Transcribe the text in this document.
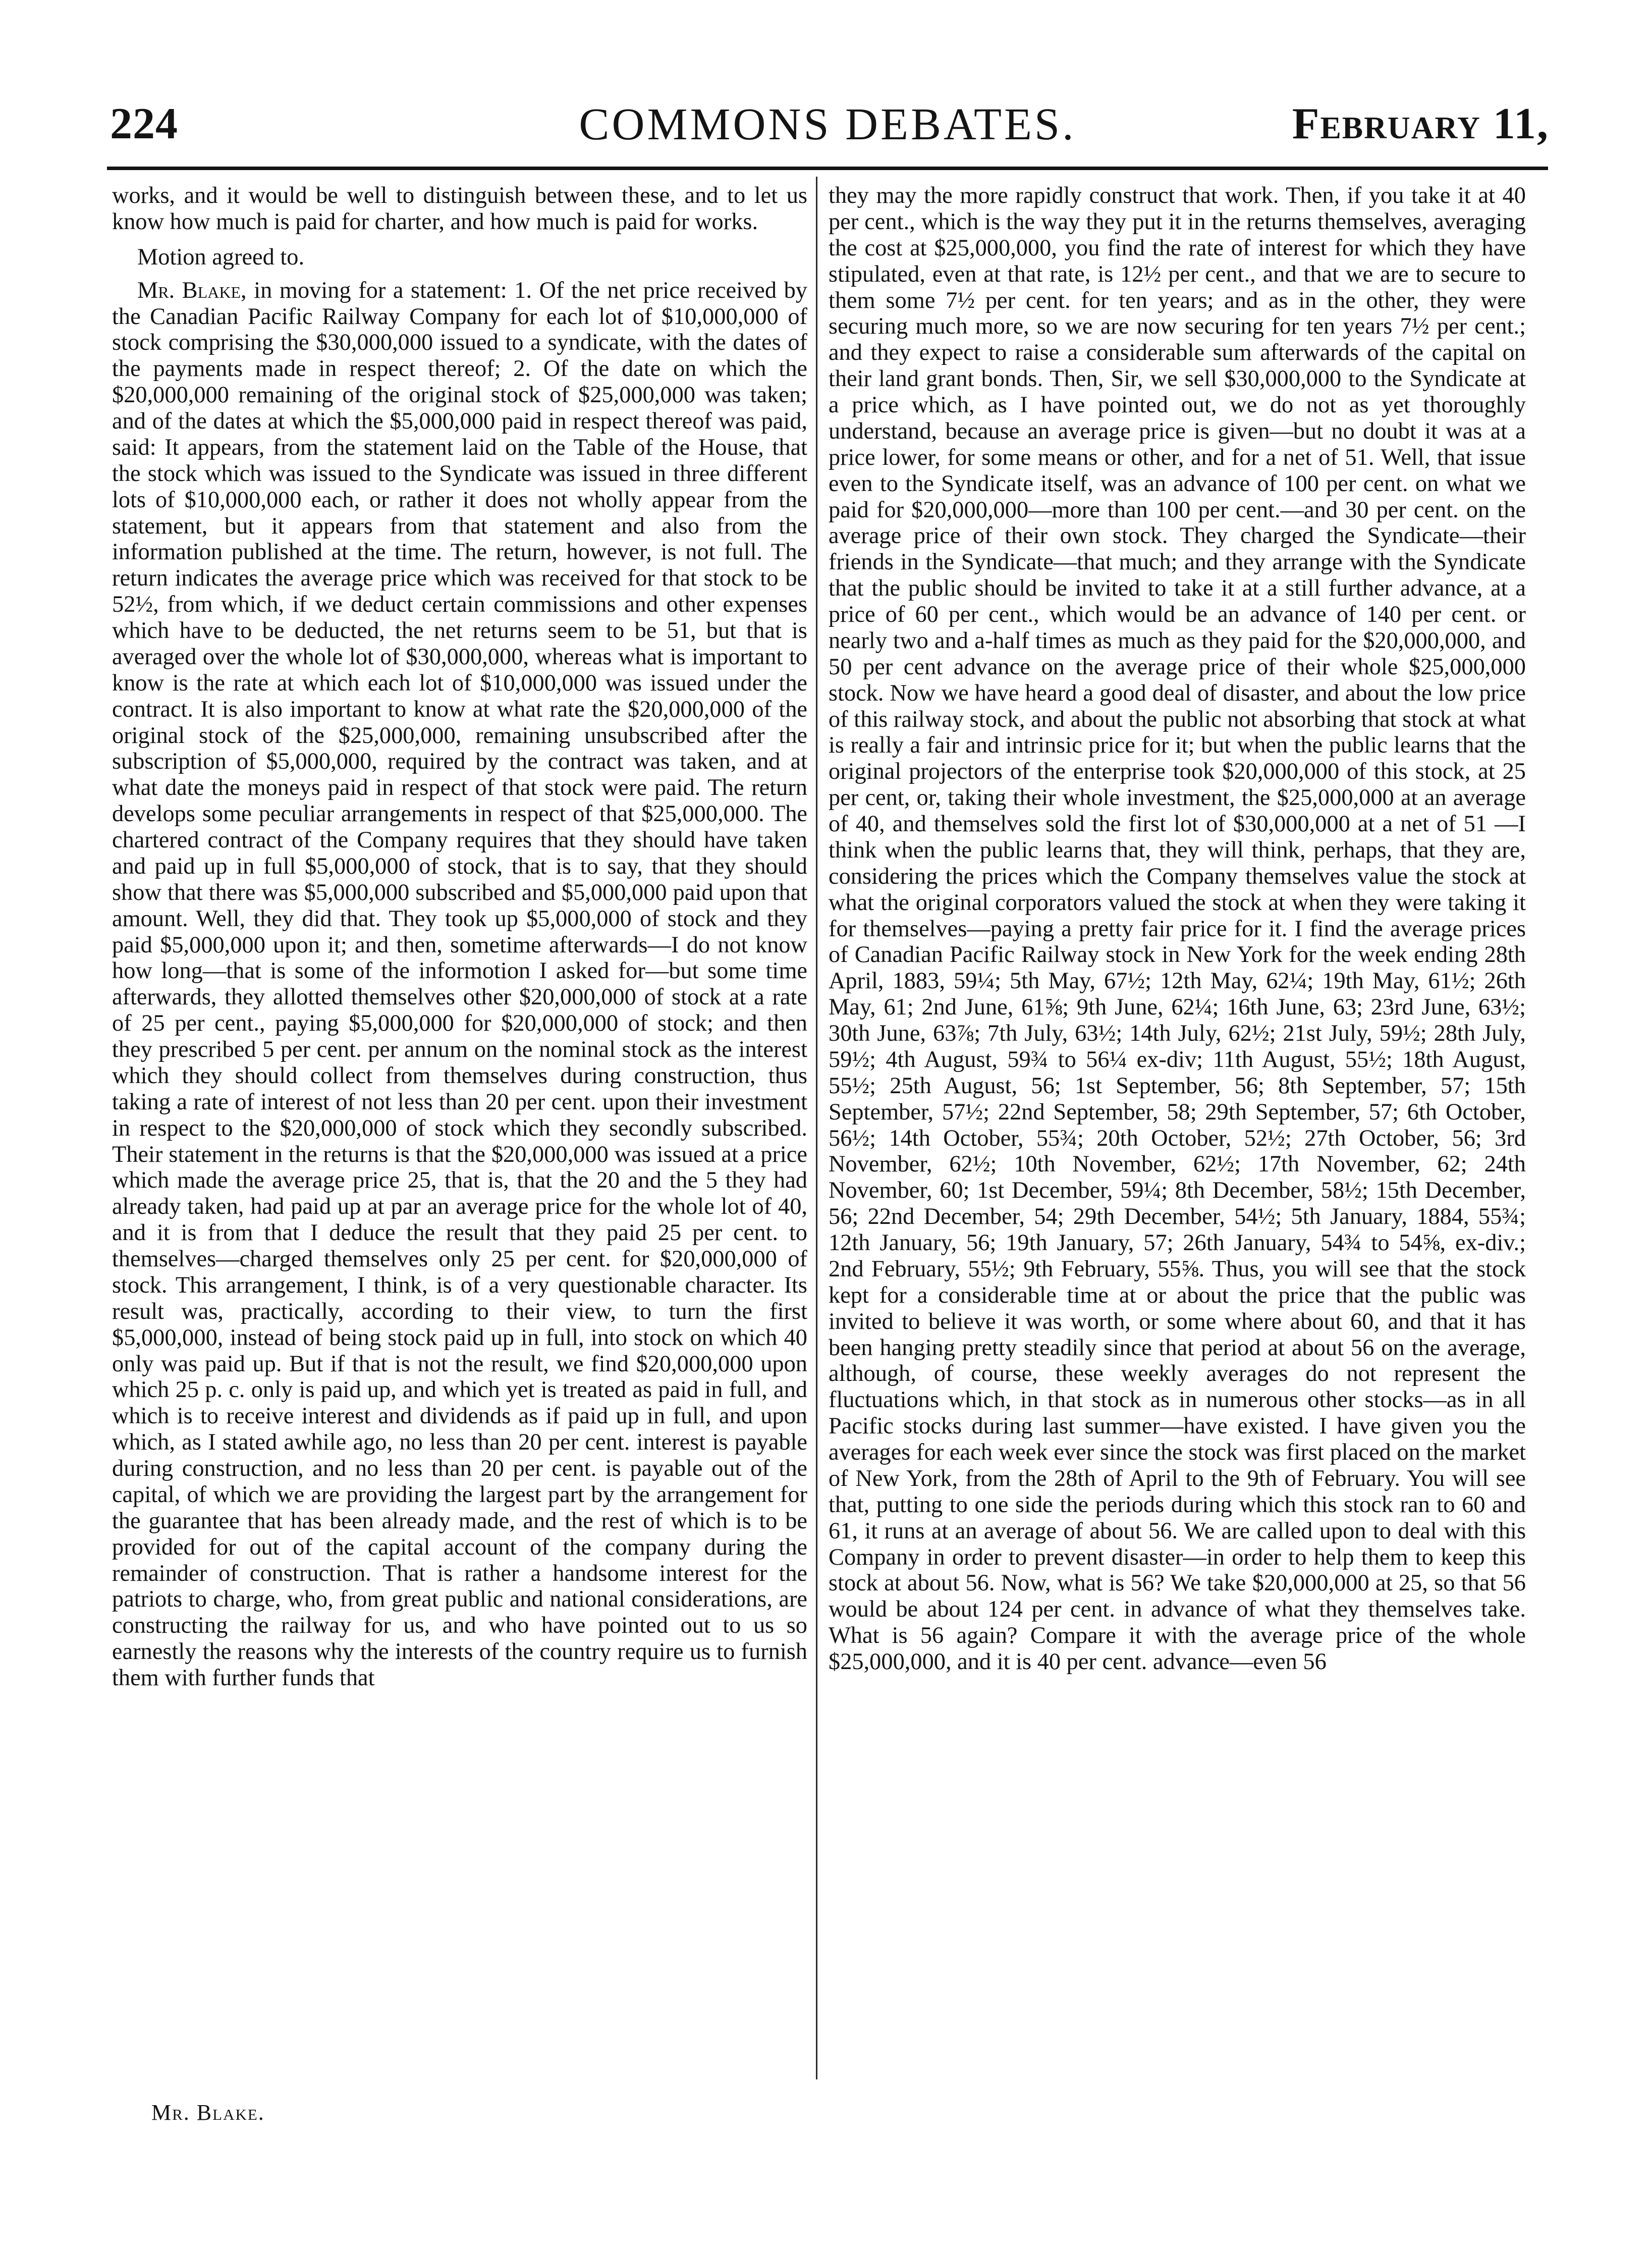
224	COMMONS DEBATES.	February 11,

works, and it would be well to distinguish between these, and to let us know how much is paid for charter, and how much is paid for works.

Motion agreed to.

Mr. Blake, in moving for a statement: 1. Of the net price received by the Canadian Pacific Railway Company for each lot of $10,000,000 of stock comprising the $30,000,000 issued to a syndicate, with the dates of the payments made in respect thereof; 2. Of the date on which the $20,000,000 remaining of the original stock of $25,000,000 was taken; and of the dates at which the $5,000,000 paid in respect thereof was paid, said: It appears, from the statement laid on the Table of the House, that the stock which was issued to the Syndicate was issued in three different lots of $10,000,000 each, or rather it does not wholly appear from the statement, but it appears from that statement and also from the information published at the time. The return, however, is not full. The return indicates the average price which was received for that stock to be 52½, from which, if we deduct certain commissions and other expenses which have to be deducted, the net returns seem to be 51, but that is averaged over the whole lot of $30,000,000, whereas what is important to know is the rate at which each lot of $10,000,000 was issued under the contract. It is also important to know at what rate the $20,000,000 of the original stock of the $25,000,000, remaining unsubscribed after the subscription of $5,000,000, required by the contract was taken, and at what date the moneys paid in respect of that stock were paid. The return develops some peculiar arrangements in respect of that $25,000,000. The chartered contract of the Company requires that they should have taken and paid up in full $5,000,000 of stock, that is to say, that they should show that there was $5,000,000 subscribed and $5,000,000 paid upon that amount. Well, they did that. They took up $5,000,000 of stock and they paid $5,000,000 upon it; and then, sometime afterwards—I do not know how long—that is some of the informotion I asked for—but some time afterwards, they allotted themselves other $20,000,000 of stock at a rate of 25 per cent., paying $5,000,000 for $20,000,000 of stock; and then they prescribed 5 per cent. per annum on the nominal stock as the interest which they should collect from themselves during construction, thus taking a rate of interest of not less than 20 per cent. upon their investment in respect to the $20,000,000 of stock which they secondly subscribed. Their statement in the returns is that the $20,000,000 was issued at a price which made the average price 25, that is, that the 20 and the 5 they had already taken, had paid up at par an average price for the whole lot of 40, and it is from that I deduce the result that they paid 25 per cent. to themselves—charged themselves only 25 per cent. for $20,000,000 of stock. This arrangement, I think, is of a very questionable character. Its result was, practically, according to their view, to turn the first $5,000,000, instead of being stock paid up in full, into stock on which 40 only was paid up. But if that is not the result, we find $20,000,000 upon which 25 p. c. only is paid up, and which yet is treated as paid in full, and which is to receive interest and dividends as if paid up in full, and upon which, as I stated awhile ago, no less than 20 per cent. interest is payable during construction, and no less than 20 per cent. is payable out of the capital, of which we are providing the largest part by the arrangement for the guarantee that has been already made, and the rest of which is to be provided for out of the capital account of the company during the remainder of construction. That is rather a handsome interest for the patriots to charge, who, from great public and national considerations, are constructing the railway for us, and who have pointed out to us so earnestly the reasons why the interests of the country require us to furnish them with further funds that

they may the more rapidly construct that work. Then, if you take it at 40 per cent., which is the way they put it in the returns themselves, averaging the cost at $25,000,000, you find the rate of interest for which they have stipulated, even at that rate, is 12½ per cent., and that we are to secure to them some 7½ per cent. for ten years; and as in the other, they were securing much more, so we are now securing for ten years 7½ per cent.; and they expect to raise a considerable sum afterwards of the capital on their land grant bonds. Then, Sir, we sell $30,000,000 to the Syndicate at a price which, as I have pointed out, we do not as yet thoroughly understand, because an average price is given—but no doubt it was at a price lower, for some means or other, and for a net of 51. Well, that issue even to the Syndicate itself, was an advance of 100 per cent. on what we paid for $20,000,000—more than 100 per cent.—and 30 per cent. on the average price of their own stock. They charged the Syndicate—their friends in the Syndicate—that much; and they arrange with the Syndicate that the public should be invited to take it at a still further advance, at a price of 60 per cent., which would be an advance of 140 per cent. or nearly two and a-half times as much as they paid for the $20,000,000, and 50 per cent advance on the average price of their whole $25,000,000 stock. Now we have heard a good deal of disaster, and about the low price of this railway stock, and about the public not absorbing that stock at what is really a fair and intrinsic price for it; but when the public learns that the original projectors of the enterprise took $20,000,000 of this stock, at 25 per cent, or, taking their whole investment, the $25,000,000 at an average of 40, and themselves sold the first lot of $30,000,000 at a net of 51 —I think when the public learns that, they will think, perhaps, that they are, considering the prices which the Company themselves value the stock at what the original corporators valued the stock at when they were taking it for themselves—paying a pretty fair price for it. I find the average prices of Canadian Pacific Railway stock in New York for the week ending 28th April, 1883, 59¼; 5th May, 67½; 12th May, 62¼; 19th May, 61½; 26th May, 61; 2nd June, 61⅝; 9th June, 62¼; 16th June, 63; 23rd June, 63½; 30th June, 63⅞; 7th July, 63½; 14th July, 62½; 21st July, 59½; 28th July, 59½; 4th August, 59¾ to 56¼ ex-div; 11th August, 55½; 18th August, 55½; 25th August, 56; 1st September, 56; 8th September, 57; 15th September, 57½; 22nd September, 58; 29th September, 57; 6th October, 56½; 14th October, 55¾; 20th October, 52½; 27th October, 56; 3rd November, 62½; 10th November, 62½; 17th November, 62; 24th November, 60; 1st December, 59¼; 8th December, 58½; 15th December, 56; 22nd December, 54; 29th December, 54½; 5th January, 1884, 55¾; 12th January, 56; 19th January, 57; 26th January, 54¾ to 54⅝, ex-div.; 2nd February, 55½; 9th February, 55⅝. Thus, you will see that the stock kept for a considerable time at or about the price that the public was invited to believe it was worth, or some where about 60, and that it has been hanging pretty steadily since that period at about 56 on the average, although, of course, these weekly averages do not represent the fluctuations which, in that stock as in numerous other stocks—as in all Pacific stocks during last summer—have existed. I have given you the averages for each week ever since the stock was first placed on the market of New York, from the 28th of April to the 9th of February. You will see that, putting to one side the periods during which this stock ran to 60 and 61, it runs at an average of about 56. We are called upon to deal with this Company in order to prevent disaster—in order to help them to keep this stock at about 56. Now, what is 56? We take $20,000,000 at 25, so that 56 would be about 124 per cent. in advance of what they themselves take. What is 56 again? Compare it with the average price of the whole $25,000,000, and it is 40 per cent. advance—even 56

Mr. Blake.
